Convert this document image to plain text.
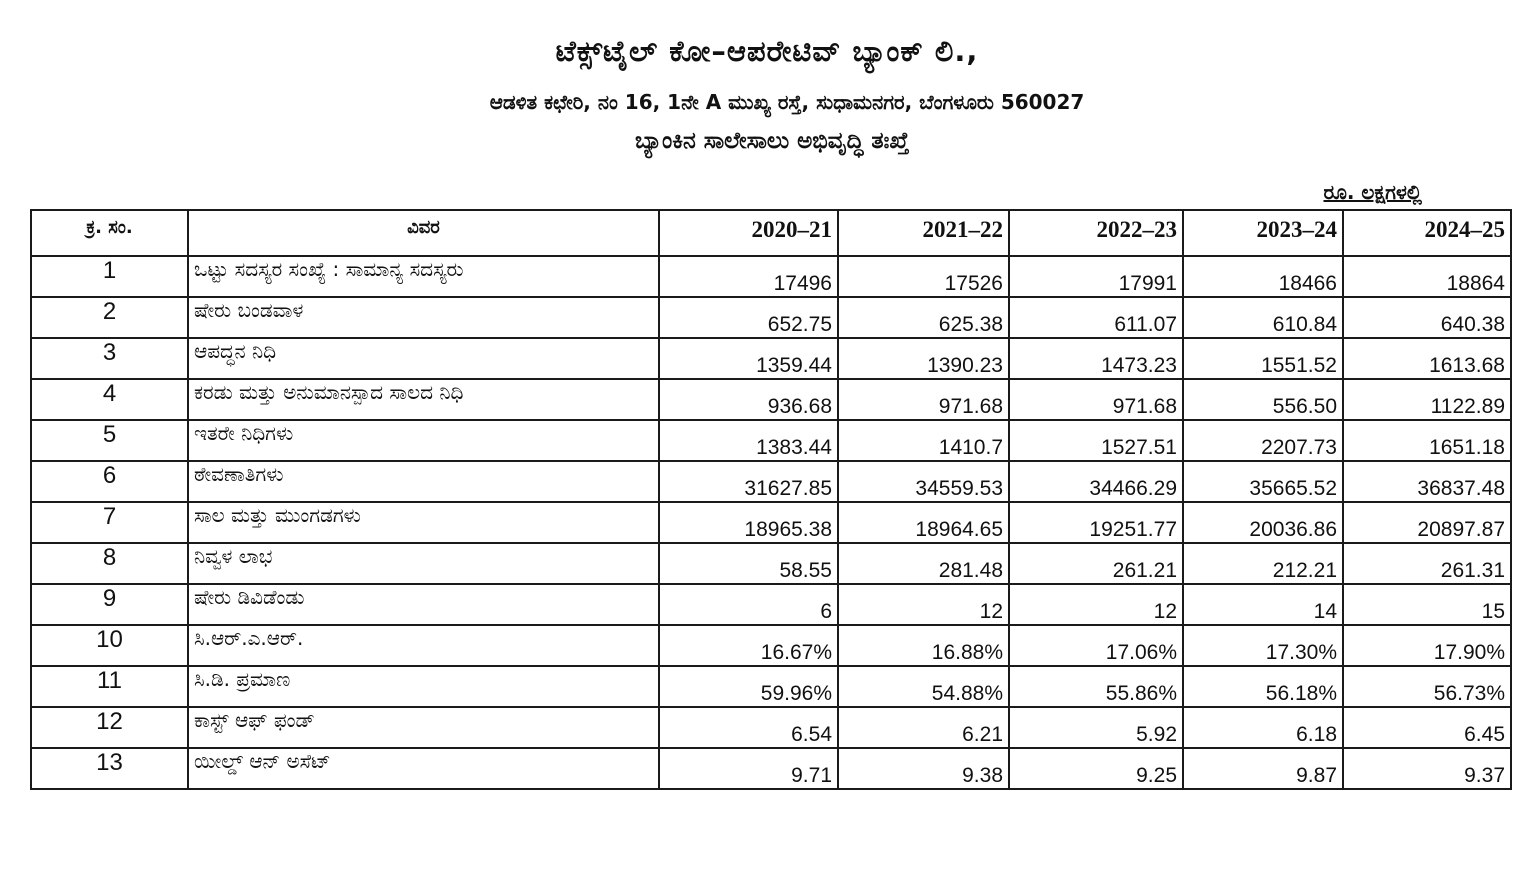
ಟೆಕ್ಸ್‌ಟೈಲ್ ಕೋ–ಆಪರೇಟಿವ್ ಬ್ಯಾಂಕ್ ಲಿ.,
ಆಡಳಿತ ಕಛೇರಿ, ನಂ 16, 1ನೇ A ಮುಖ್ಯ ರಸ್ತೆ, ಸುಧಾಮನಗರ, ಬೆಂಗಳೂರು 560027
ಬ್ಯಾಂಕಿನ ಸಾಲೇಸಾಲು ಅಭಿವೃದ್ಧಿ ತಃಖ್ತೆ
ರೂ. ಲಕ್ಷಗಳಲ್ಲಿ
ಕ್ರ. ಸಂ.	ವಿವರ	2020–21	2021–22	2022–23	2023–24	2024–25
1	ಒಟ್ಟು ಸದಸ್ಯರ ಸಂಖ್ಯೆ : ಸಾಮಾನ್ಯ ಸದಸ್ಯರು	17496	17526	17991	18466	18864
2	ಷೇರು ಬಂಡವಾಳ	652.75	625.38	611.07	610.84	640.38
3	ಆಪದ್ಧನ ನಿಧಿ	1359.44	1390.23	1473.23	1551.52	1613.68
4	ಕರಡು ಮತ್ತು ಅನುಮಾನಸ್ಪಾದ ಸಾಲದ ನಿಧಿ	936.68	971.68	971.68	556.50	1122.89
5	ಇತರೇ ನಿಧಿಗಳು	1383.44	1410.7	1527.51	2207.73	1651.18
6	ಠೇವಣಾತಿಗಳು	31627.85	34559.53	34466.29	35665.52	36837.48
7	ಸಾಲ ಮತ್ತು ಮುಂಗಡಗಳು	18965.38	18964.65	19251.77	20036.86	20897.87
8	ನಿವ್ವಳ ಲಾಭ	58.55	281.48	261.21	212.21	261.31
9	ಷೇರು ಡಿವಿಡೆಂಡು	6	12	12	14	15
10	ಸಿ.ಆರ್.ಎ.ಆರ್.	16.67%	16.88%	17.06%	17.30%	17.90%
11	ಸಿ.ಡಿ. ಪ್ರಮಾಣ	59.96%	54.88%	55.86%	56.18%	56.73%
12	ಕಾಸ್ಟ್ ಆಫ್ ಫಂಡ್	6.54	6.21	5.92	6.18	6.45
13	ಯೀಲ್ಡ್ ಆನ್ ಅಸೆಟ್	9.71	9.38	9.25	9.87	9.37
